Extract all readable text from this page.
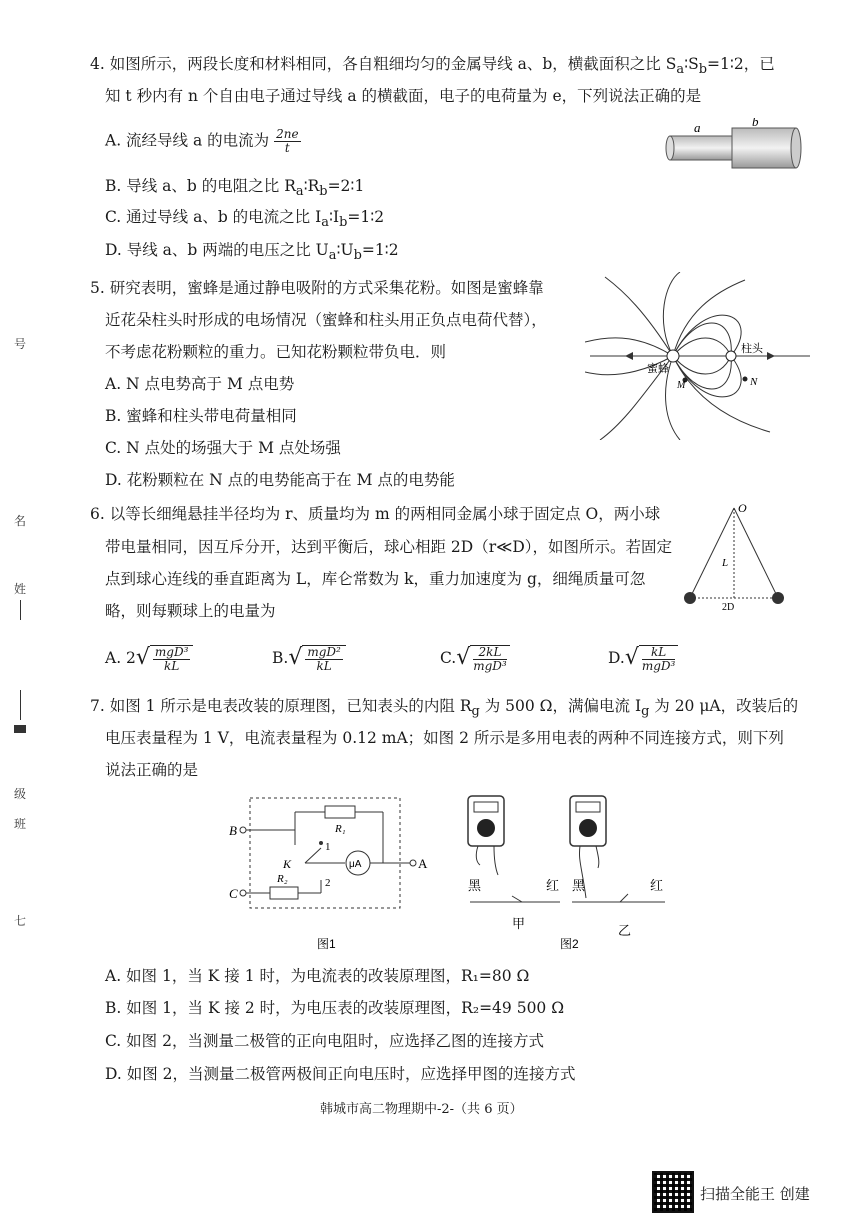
号
名
姓
级
班
七
4. 如图所示，两段长度和材料相同，各自粗细均匀的金属导线 a、b，横截面积之比 $S_a∶S_b=1∶2$，已
知 t 秒内有 n 个自由电子通过导线 a 的横截面，电子的电荷量为 e，下列说法正确的是
A. 流经导线 a 的电流为 $\frac{2ne}{t}$
B. 导线 a、b 的电阻之比 $R_a∶R_b=2∶1$
C. 通过导线 a、b 的电流之比 $I_a∶I_b=1∶2$
D. 导线 a、b 两端的电压之比 $U_a∶U_b=1∶2$
a	b
5. 研究表明，蜜蜂是通过静电吸附的方式采集花粉。如图是蜜蜂靠
近花朵柱头时形成的电场情况（蜜蜂和柱头用正负点电荷代替），
不考虑花粉颗粒的重力。已知花粉颗粒带负电．则
A. N 点电势高于 M 点电势
B. 蜜蜂和柱头带电荷量相同
C. N 点处的场强大于 M 点处场强
D. 花粉颗粒在 N 点的电势能高于在 M 点的电势能
蜜蜂
柱头
N
M
6. 以等长细绳悬挂半径均为 r、质量均为 m 的两相同金属小球于固定点 O，两小球
带电量相同，因互斥分开，达到平衡后，球心相距 2D（r≪D），如图所示。若固定
点到球心连线的垂直距离为 L，库仑常数为 k，重力加速度为 g，细绳质量可忽
略，则每颗球上的电量为
A. 2 √ $\frac{\text{mgD³}}{kL}$	B. √ $\frac{\text{mgD²}}{kL}$	C. √ $\frac{2kL}{\text{mgD³}}$	D. √ $\frac{kL}{\text{mgD³}}$
O
L
2D
7. 如图 1 所示是电表改装的原理图，已知表头的内阻 $R_g$ 为 500 Ω，满偏电流 $I_g$ 为 20 μA，改装后的
电压表量程为 1 V，电流表量程为 0.12 mA；如图 2 所示是多用电表的两种不同连接方式，则下列
说法正确的是
B
C
R₁
1
K	μA	A
R₂	2
图1
黑	红 黑	红
甲	乙
图2
A. 如图 1，当 K 接 1 时，为电流表的改装原理图，R₁=80 Ω
B. 如图 1，当 K 接 2 时，为电压表的改装原理图，R₂=49 500 Ω
C. 如图 2，当测量二极管的正向电阻时，应选择乙图的连接方式
D. 如图 2，当测量二极管两极间正向电压时，应选择甲图的连接方式
韩城市高二物理期中-2-（共 6 页）
扫描全能王 创建
